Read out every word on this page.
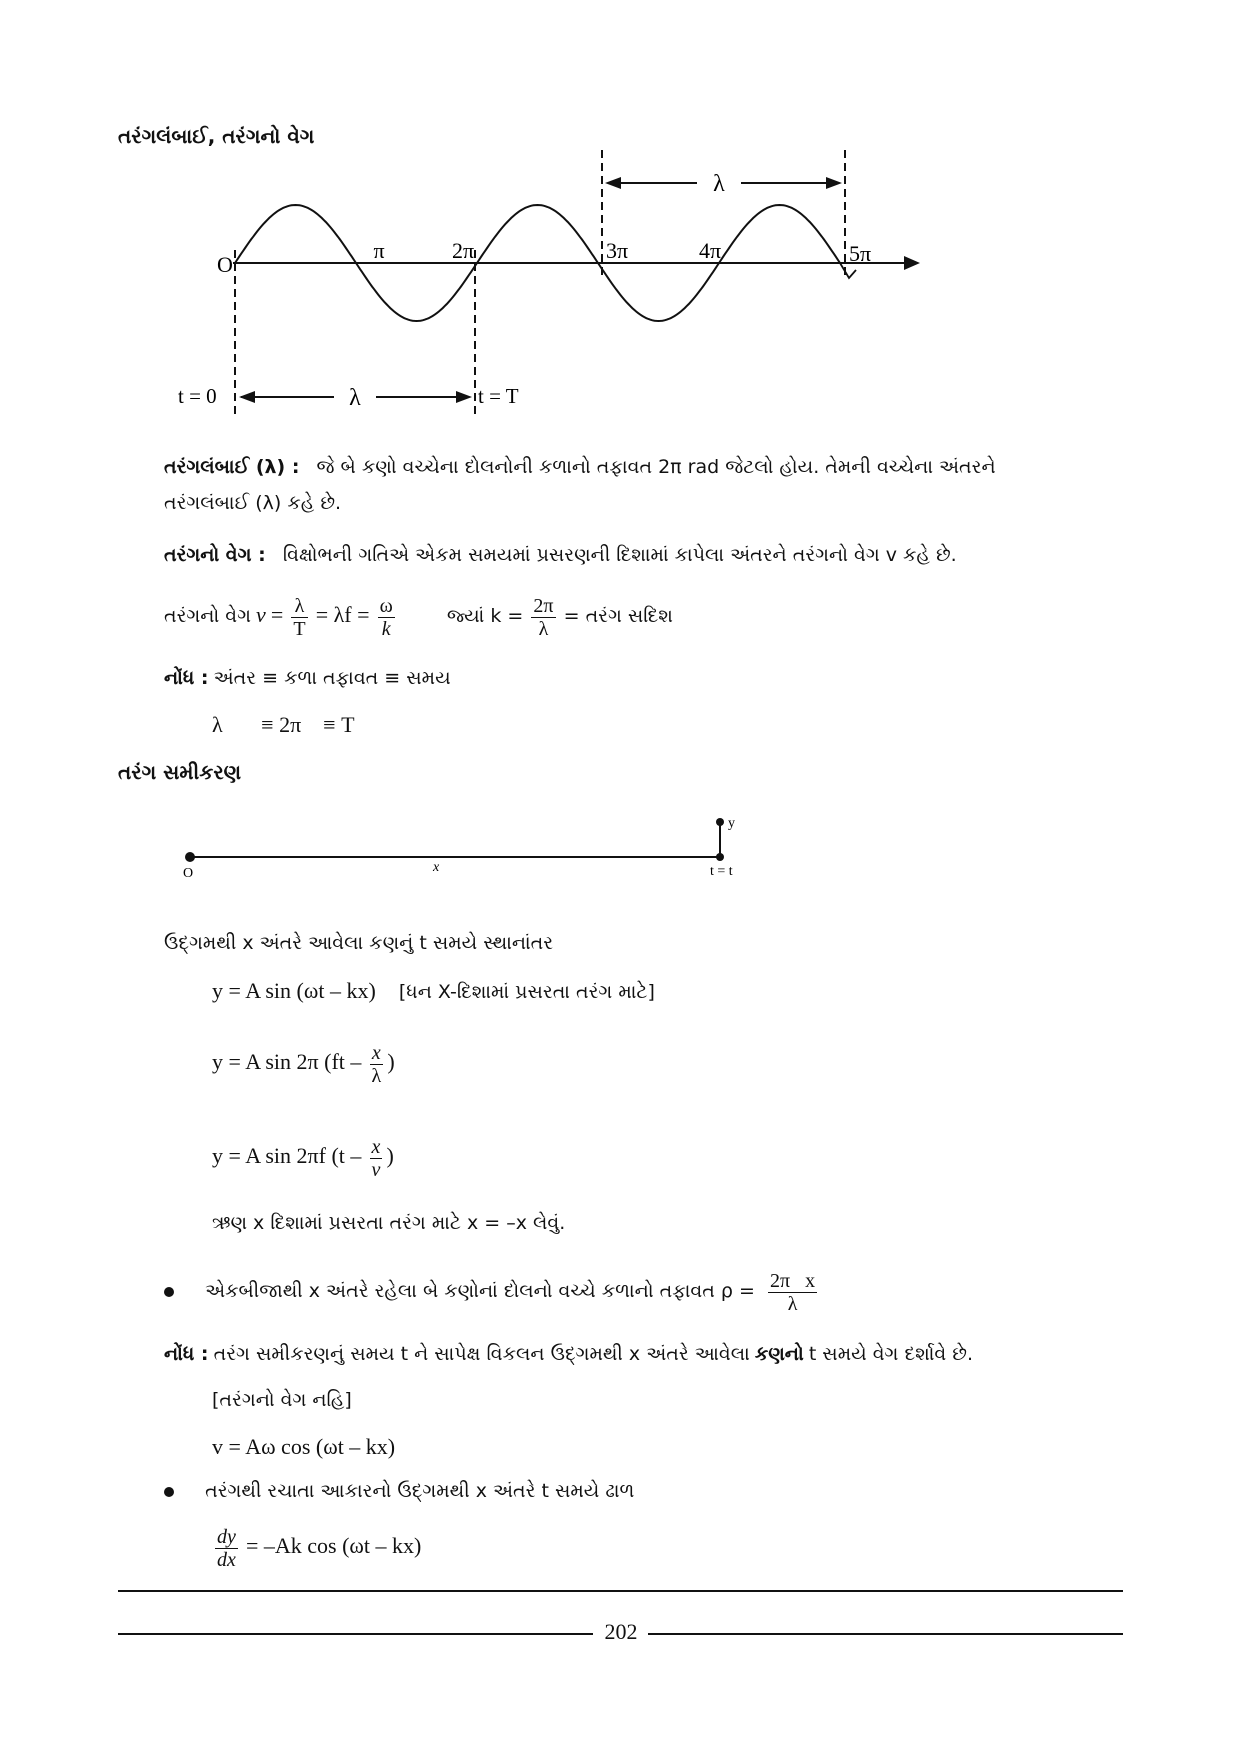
તરંગલંબાઈ, તરંગનો વેગ
λ
λ
O
π	2π	3π	4π	5π
t = 0	t = T
તરંગલંબાઈ (λ) : જે બે કણો વચ્ચેના દોલનોની કળાનો તફાવત 2π rad જેટલો હોય. તેમની વચ્ચેના અંતરને
તરંગલંબાઈ (λ) કહે છે.
તરંગનો વેગ : વિક્ષોભની ગતિએ એકમ સમયમાં પ્રસરણની દિશામાં કાપેલા અંતરને તરંગનો વેગ v કહે છે.
તરંગનો વેગ $v = \frac{\lambda}{T} = \lambda f = \frac{\omega}{k}$	જ્યાં $k = \frac{2\pi}{\lambda}$ = તરંગ સદિશ
નોંધ : અંતર ≡ કળા તફાવત ≡ સમય
λ       ≡ 2π    ≡ T
તરંગ સમીકરણ
O	x
y
t = t
ઉદ્‌ગમથી x અંતરે આવેલા કણનું t સમયે સ્થાનાંતર
y = A sin (ωt – kx) [ધન X-દિશામાં પ્રસરતા તરંગ માટે]
y = A sin 2π ($ft - \frac{x}{\lambda}$ )
y = A sin 2πf ($t - \frac{x}{v}$ )
ઋણ x દિશામાં પ્રસરતા તરંગ માટે x = –x લેવું.
એકબીજાથી x અંતરે રહેલા બે કણોનાં દોલનો વચ્ચે કળાનો તફાવત $\rho = \frac{\text{2π   x}}{\lambda}$
નોંધ : તરંગ સમીકરણનું સમય t ને સાપેક્ષ વિકલન ઉદ્‌ગમથી x અંતરે આવેલા કણનો t સમયે વેગ દર્શાવે છે.
[તરંગનો વેગ નહિ]
v = Aω cos (ωt – kx)
તરંગથી રચાતા આકારનો ઉદ્‌ગમથી x અંતરે t સમયે ઢાળ
$\frac{dy}{dx} = -Ak$ cos (ωt – kx)
202
